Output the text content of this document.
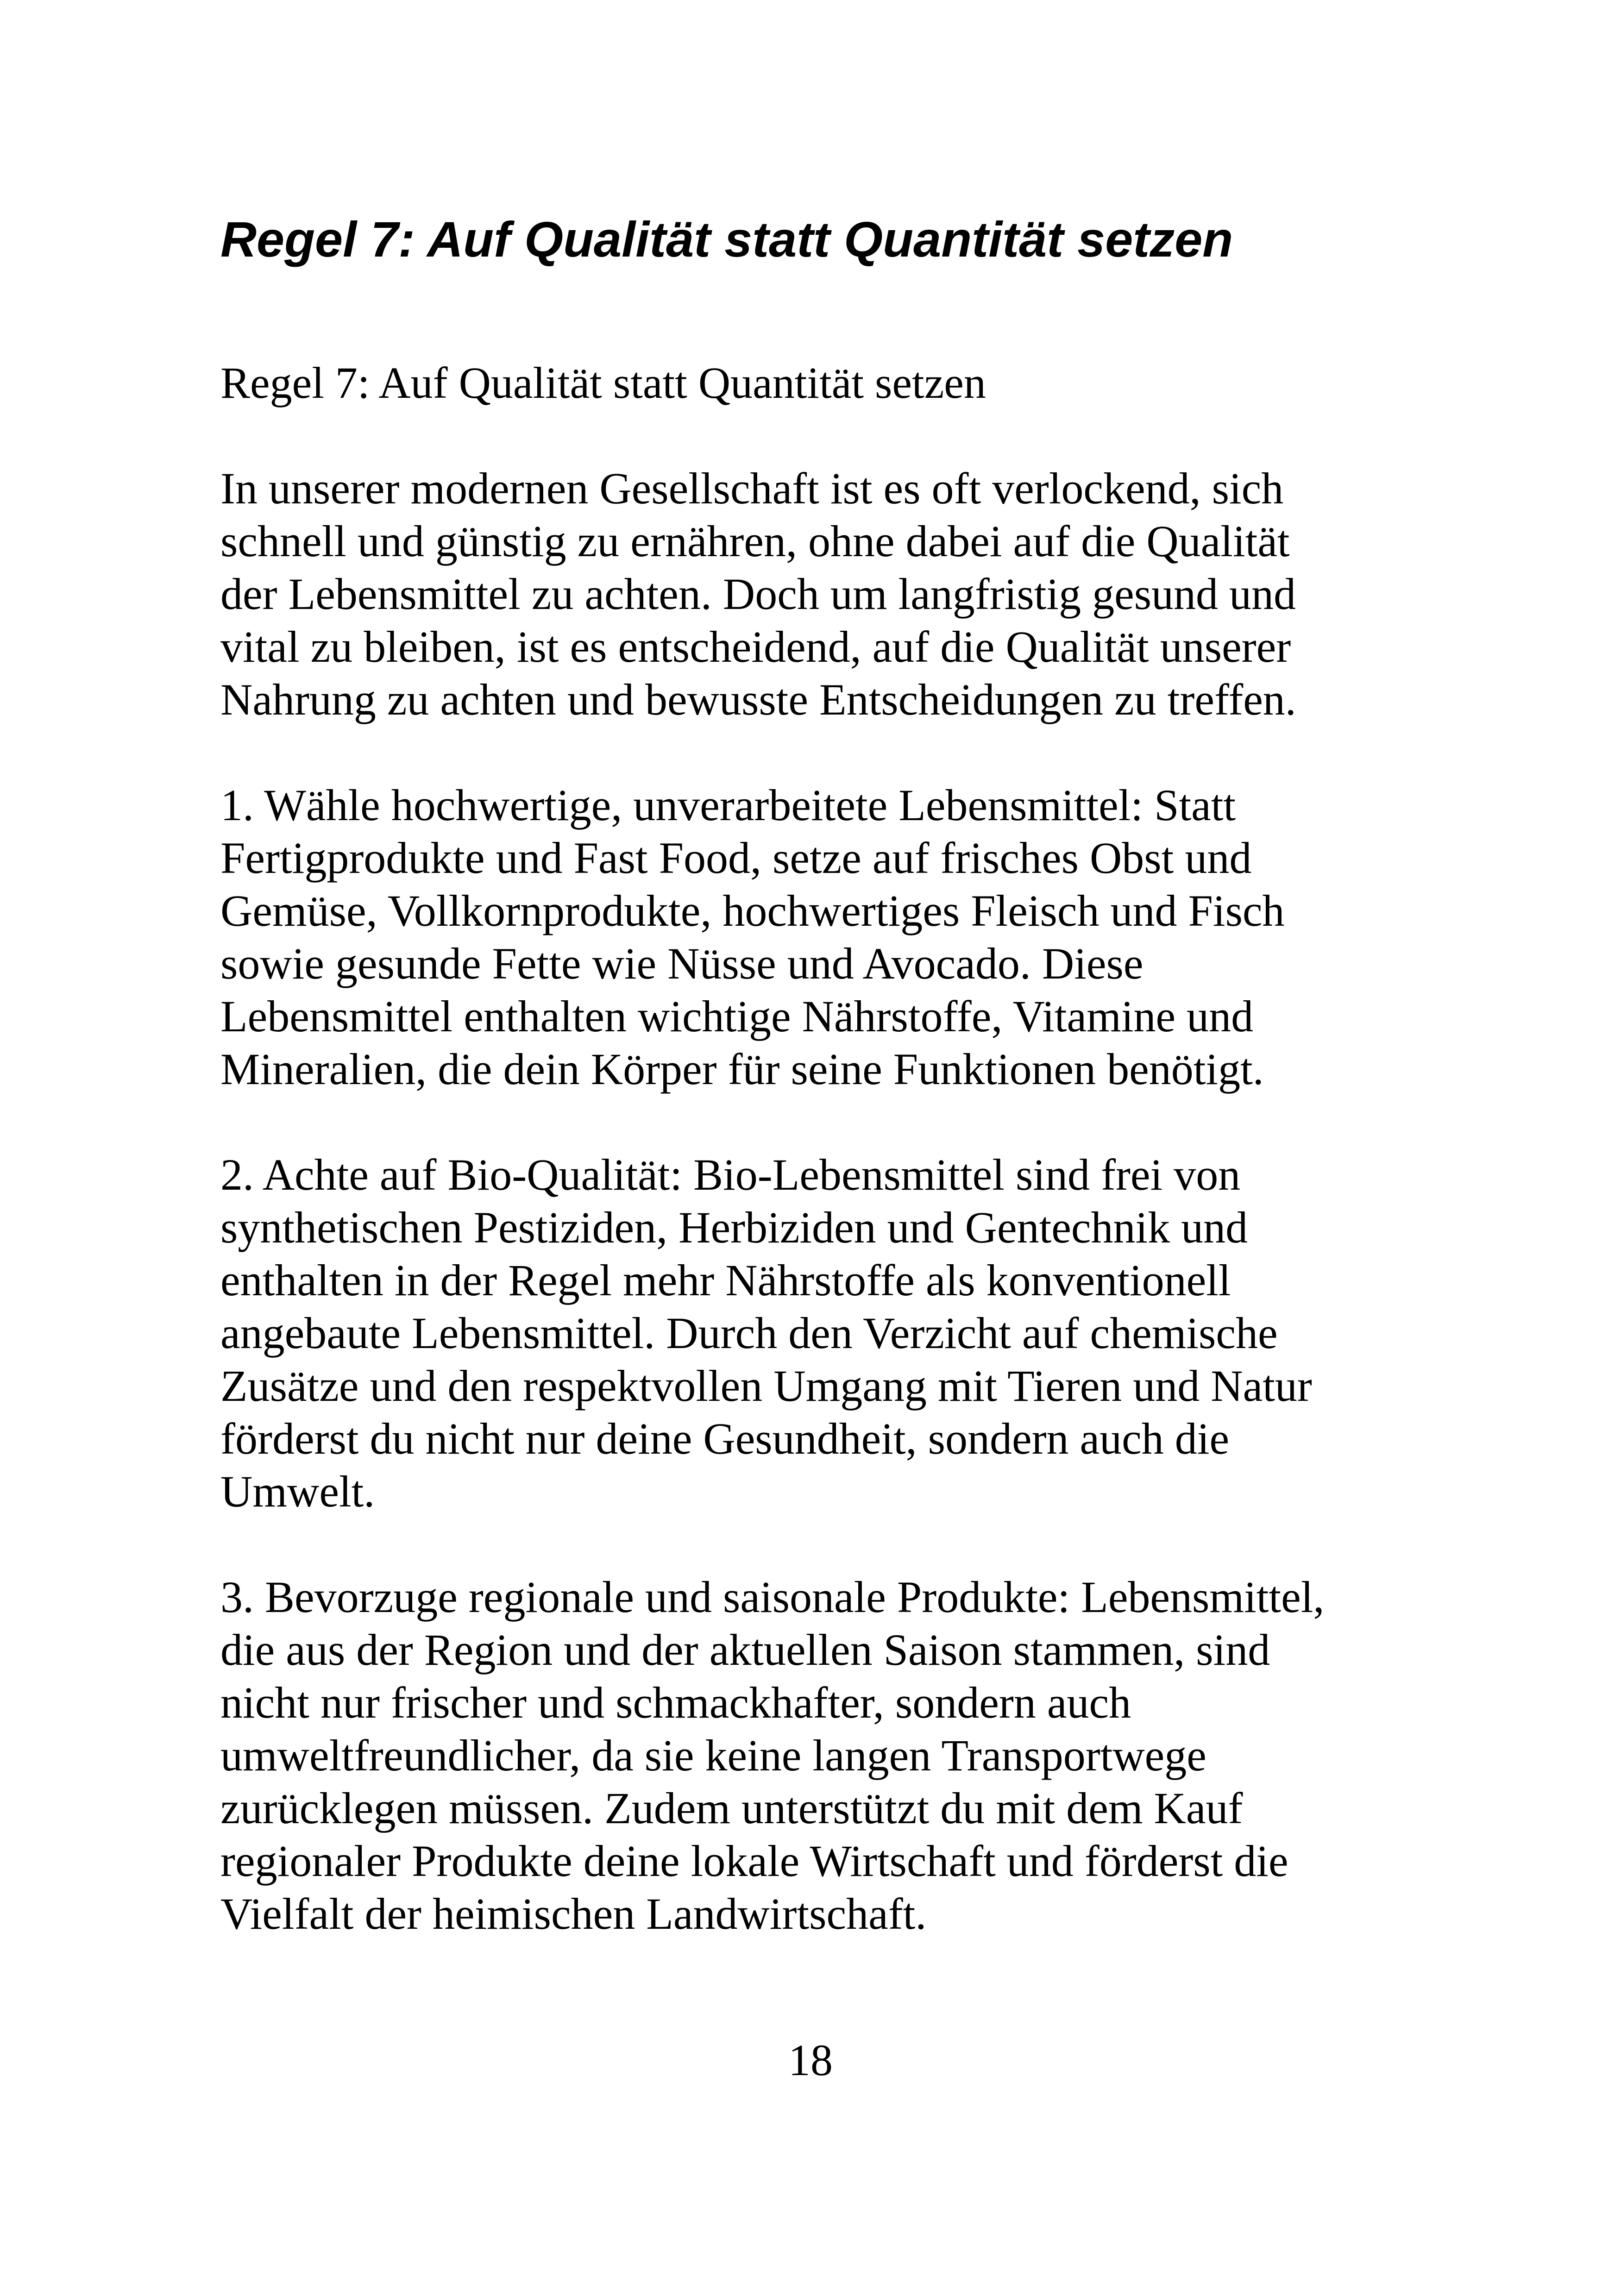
Regel 7: Auf Qualität statt Quantität setzen

Regel 7: Auf Qualität statt Quantität setzen

In unserer modernen Gesellschaft ist es oft verlockend, sich
schnell und günstig zu ernähren, ohne dabei auf die Qualität
der Lebensmittel zu achten. Doch um langfristig gesund und
vital zu bleiben, ist es entscheidend, auf die Qualität unserer
Nahrung zu achten und bewusste Entscheidungen zu treffen.

1. Wähle hochwertige, unverarbeitete Lebensmittel: Statt
Fertigprodukte und Fast Food, setze auf frisches Obst und
Gemüse, Vollkornprodukte, hochwertiges Fleisch und Fisch
sowie gesunde Fette wie Nüsse und Avocado. Diese
Lebensmittel enthalten wichtige Nährstoffe, Vitamine und
Mineralien, die dein Körper für seine Funktionen benötigt.

2. Achte auf Bio-Qualität: Bio-Lebensmittel sind frei von
synthetischen Pestiziden, Herbiziden und Gentechnik und
enthalten in der Regel mehr Nährstoffe als konventionell
angebaute Lebensmittel. Durch den Verzicht auf chemische
Zusätze und den respektvollen Umgang mit Tieren und Natur
förderst du nicht nur deine Gesundheit, sondern auch die
Umwelt.

3. Bevorzuge regionale und saisonale Produkte: Lebensmittel,
die aus der Region und der aktuellen Saison stammen, sind
nicht nur frischer und schmackhafter, sondern auch
umweltfreundlicher, da sie keine langen Transportwege
zurücklegen müssen. Zudem unterstützt du mit dem Kauf
regionaler Produkte deine lokale Wirtschaft und förderst die
Vielfalt der heimischen Landwirtschaft.

18
